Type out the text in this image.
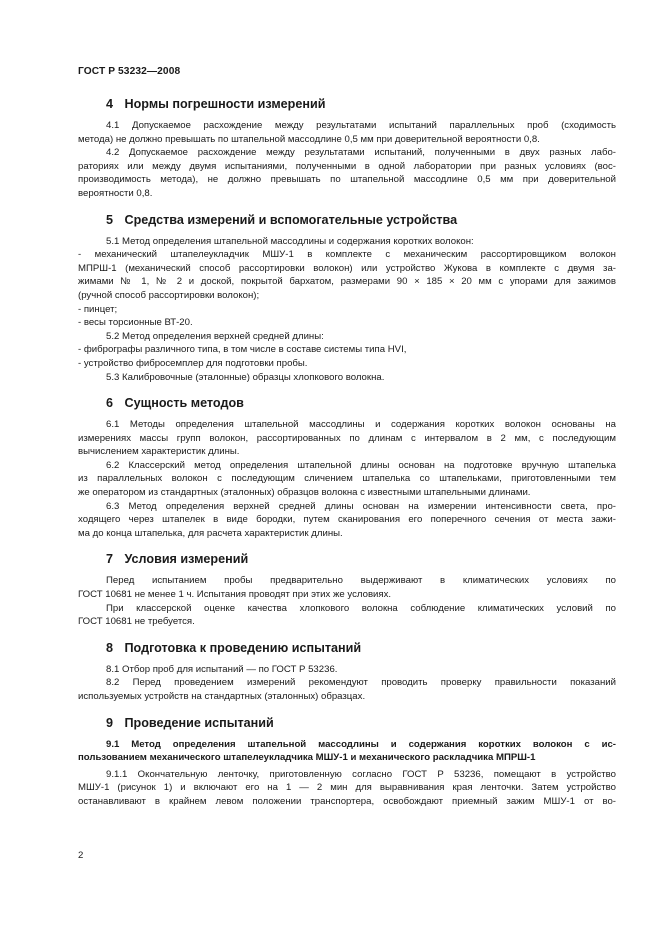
ГОСТ Р 53232—2008
4 Нормы погрешности измерений
4.1 Допускаемое расхождение между результатами испытаний параллельных проб (сходимость
метода) не должно превышать по штапельной массодлине 0,5 мм при доверительной вероятности 0,8.
4.2 Допускаемое расхождение между результатами испытаний, полученными в двух разных лабо-
раториях или между двумя испытаниями, полученными в одной лаборатории при разных условиях (вос-
производимость метода), не должно превышать по штапельной массодлине 0,5 мм при доверительной
вероятности 0,8.
5 Средства измерений и вспомогательные устройства
5.1 Метод определения штапельной массодлины и содержания коротких волокон:
- механический штапелеукладчик МШУ-1 в комплекте с механическим рассортировщиком волокон
МПРШ-1 (механический способ рассортировки волокон) или устройство Жукова в комплекте с двумя за-
жимами № 1, № 2 и доской, покрытой бархатом, размерами 90 × 185 × 20 мм с упорами для зажимов
(ручной способ рассортировки волокон);
- пинцет;
- весы торсионные ВТ-20.
5.2 Метод определения верхней средней длины:
- фибрографы различного типа, в том числе в составе системы типа HVI,
- устройство фибросемплер для подготовки пробы.
5.3 Калибровочные (эталонные) образцы хлопкового волокна.
6 Сущность методов
6.1 Методы определения штапельной массодлины и содержания коротких волокон основаны на
измерениях массы групп волокон, рассортированных по длинам с интервалом в 2 мм, с последующим
вычислением характеристик длины.
6.2 Классерский метод определения штапельной длины основан на подготовке вручную штапелька
из параллельных волокон с последующим сличением штапелька со штапельками, приготовленными тем
же оператором из стандартных (эталонных) образцов волокна с известными штапельными длинами.
6.3 Метод определения верхней средней длины основан на измерении интенсивности света, про-
ходящего через штапелек в виде бородки, путем сканирования его поперечного сечения от места зажи-
ма до конца штапелька, для расчета характеристик длины.
7 Условия измерений
Перед испытанием пробы предварительно выдерживают в климатических условиях по
ГОСТ 10681 не менее 1 ч. Испытания проводят при этих же условиях.
При классерской оценке качества хлопкового волокна соблюдение климатических условий по
ГОСТ 10681 не требуется.
8 Подготовка к проведению испытаний
8.1 Отбор проб для испытаний — по ГОСТ Р 53236.
8.2 Перед проведением измерений рекомендуют проводить проверку правильности показаний
используемых устройств на стандартных (эталонных) образцах.
9 Проведение испытаний
9.1 Метод определения штапельной массодлины и содержания коротких волокон с ис-
пользованием механического штапелеукладчика МШУ-1 и механического раскладчика МПРШ-1
9.1.1 Окончательную ленточку, приготовленную согласно ГОСТ Р 53236, помещают в устройство
МШУ-1 (рисунок 1) и включают его на 1 — 2 мин для выравнивания края ленточки. Затем устройство
останавливают в крайнем левом положении транспортера, освобождают приемный зажим МШУ-1 от во-
2
